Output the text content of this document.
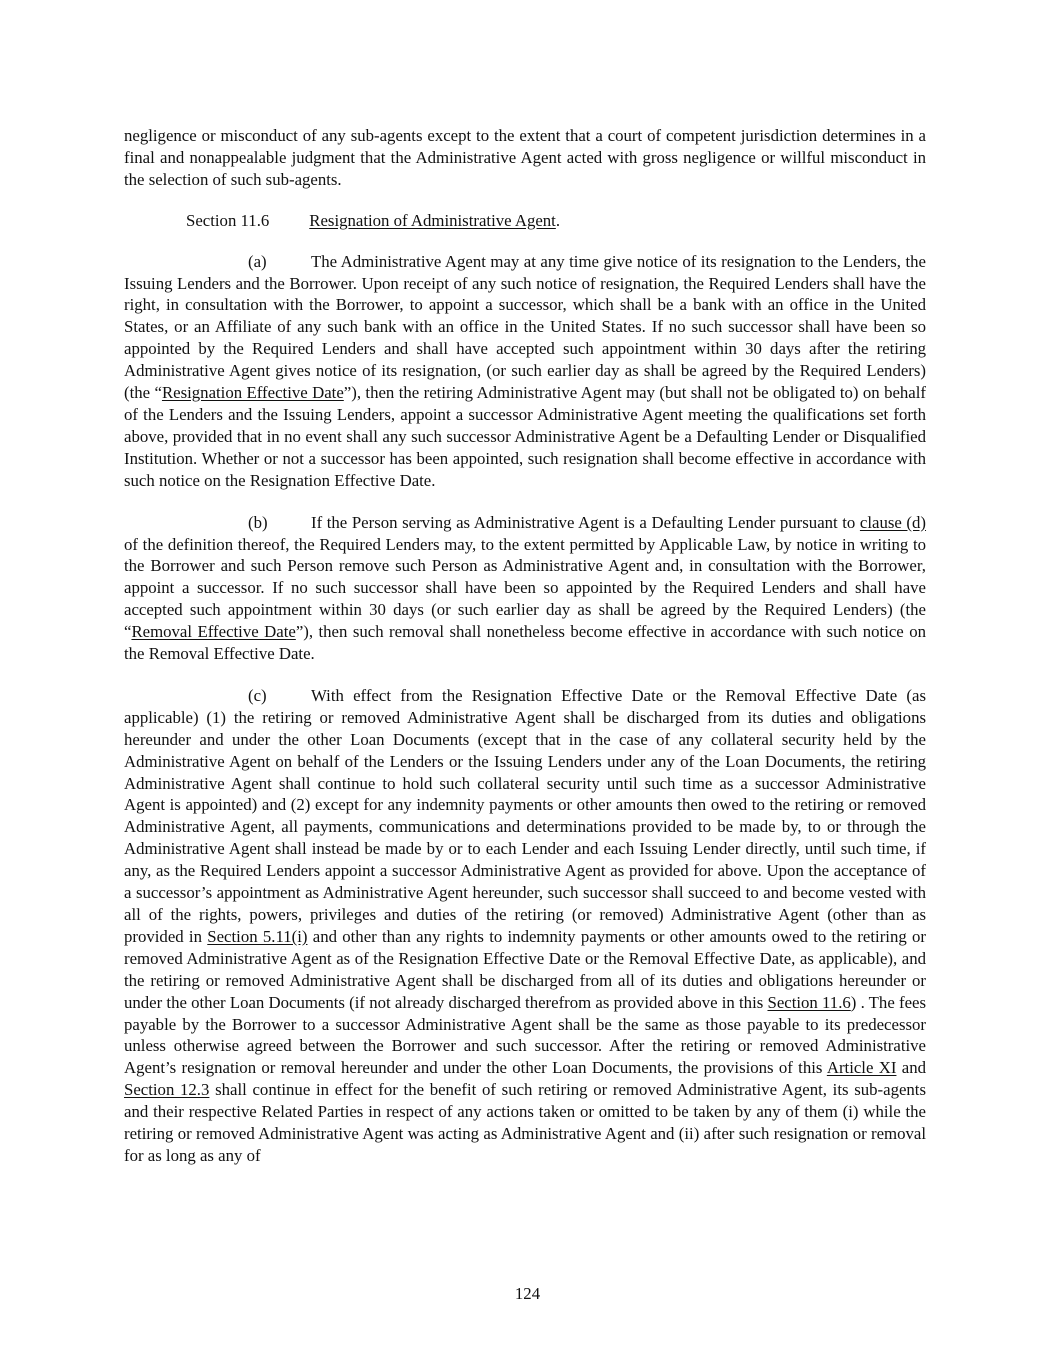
negligence or misconduct of any sub-agents except to the extent that a court of competent jurisdiction determines in a final and nonappealable judgment that the Administrative Agent acted with gross negligence or willful misconduct in the selection of such sub-agents.

Section 11.6 Resignation of Administrative Agent.

(a)	The Administrative Agent may at any time give notice of its resignation to the Lenders, the Issuing Lenders and the Borrower. Upon receipt of any such notice of resignation, the Required Lenders shall have the right, in consultation with the Borrower, to appoint a successor, which shall be a bank with an office in the United States, or an Affiliate of any such bank with an office in the United States. If no such successor shall have been so appointed by the Required Lenders and shall have accepted such appointment within 30 days after the retiring Administrative Agent gives notice of its resignation, (or such earlier day as shall be agreed by the Required Lenders) (the “Resignation Effective Date”), then the retiring Administrative Agent may (but shall not be obligated to) on behalf of the Lenders and the Issuing Lenders, appoint a successor Administrative Agent meeting the qualifications set forth above, provided that in no event shall any such successor Administrative Agent be a Defaulting Lender or Disqualified Institution. Whether or not a successor has been appointed, such resignation shall become effective in accordance with such notice on the Resignation Effective Date.

(b)	If the Person serving as Administrative Agent is a Defaulting Lender pursuant to clause (d) of the definition thereof, the Required Lenders may, to the extent permitted by Applicable Law, by notice in writing to the Borrower and such Person remove such Person as Administrative Agent and, in consultation with the Borrower, appoint a successor. If no such successor shall have been so appointed by the Required Lenders and shall have accepted such appointment within 30 days (or such earlier day as shall be agreed by the Required Lenders) (the “Removal Effective Date”), then such removal shall nonetheless become effective in accordance with such notice on the Removal Effective Date.

(c)	With effect from the Resignation Effective Date or the Removal Effective Date (as applicable) (1) the retiring or removed Administrative Agent shall be discharged from its duties and obligations hereunder and under the other Loan Documents (except that in the case of any collateral security held by the Administrative Agent on behalf of the Lenders or the Issuing Lenders under any of the Loan Documents, the retiring Administrative Agent shall continue to hold such collateral security until such time as a successor Administrative Agent is appointed) and (2) except for any indemnity payments or other amounts then owed to the retiring or removed Administrative Agent, all payments, communications and determinations provided to be made by, to or through the Administrative Agent shall instead be made by or to each Lender and each Issuing Lender directly, until such time, if any, as the Required Lenders appoint a successor Administrative Agent as provided for above. Upon the acceptance of a successor’s appointment as Administrative Agent hereunder, such successor shall succeed to and become vested with all of the rights, powers, privileges and duties of the retiring (or removed) Administrative Agent (other than as provided in Section 5.11(i) and other than any rights to indemnity payments or other amounts owed to the retiring or removed Administrative Agent as of the Resignation Effective Date or the Removal Effective Date, as applicable), and the retiring or removed Administrative Agent shall be discharged from all of its duties and obligations hereunder or under the other Loan Documents (if not already discharged therefrom as provided above in this Section 11.6) . The fees payable by the Borrower to a successor Administrative Agent shall be the same as those payable to its predecessor unless otherwise agreed between the Borrower and such successor. After the retiring or removed Administrative Agent’s resignation or removal hereunder and under the other Loan Documents, the provisions of this Article XI and Section 12.3 shall continue in effect for the benefit of such retiring or removed Administrative Agent, its sub-agents and their respective Related Parties in respect of any actions taken or omitted to be taken by any of them (i) while the retiring or removed Administrative Agent was acting as Administrative Agent and (ii) after such resignation or removal for as long as any of

124
